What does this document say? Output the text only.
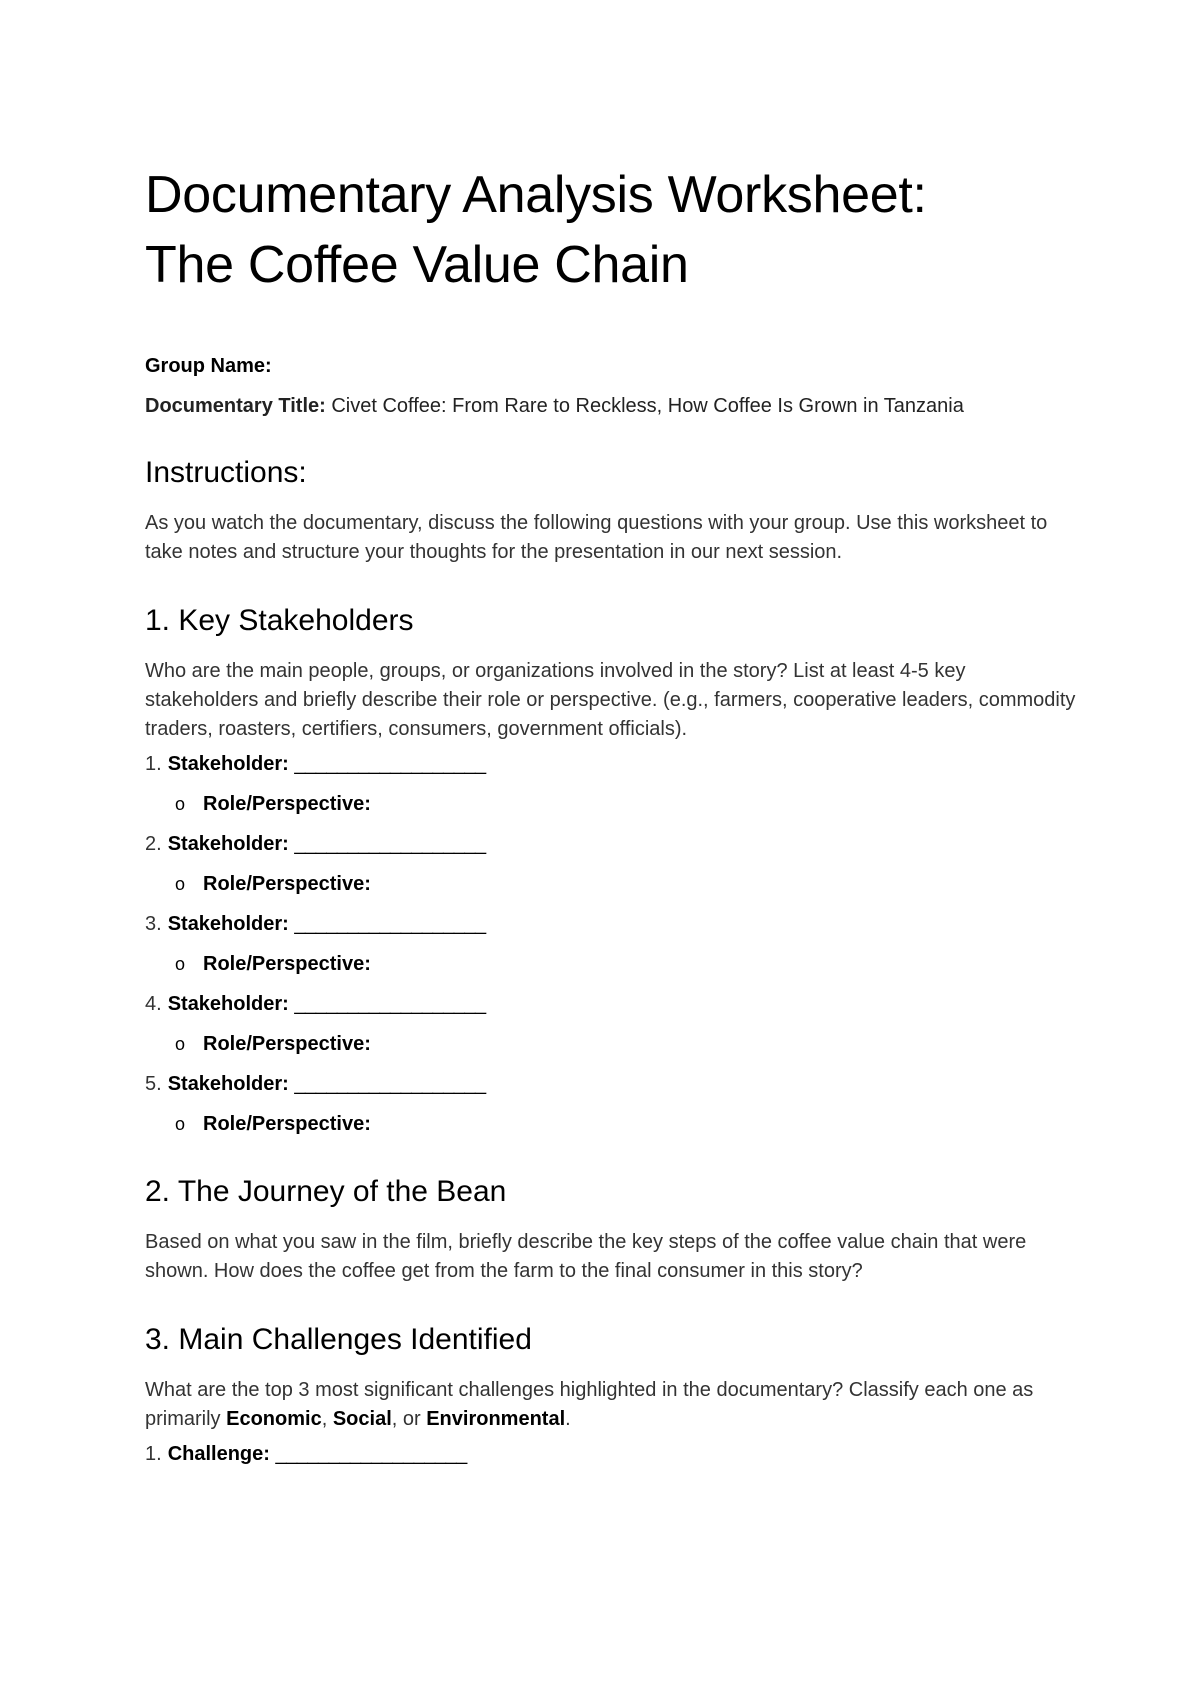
Documentary Analysis Worksheet:
The Coffee Value Chain

Group Name:

Documentary Title: Civet Coffee: From Rare to Reckless, How Coffee Is Grown in Tanzania

Instructions:

As you watch the documentary, discuss the following questions with your group. Use this worksheet to take notes and structure your thoughts for the presentation in our next session.

1. Key Stakeholders

Who are the main people, groups, or organizations involved in the story? List at least 4-5 key stakeholders and briefly describe their role or perspective. (e.g., farmers, cooperative leaders, commodity traders, roasters, certifiers, consumers, government officials).

1. Stakeholder: __________________
o Role/Perspective:
2. Stakeholder: __________________
o Role/Perspective:
3. Stakeholder: __________________
o Role/Perspective:
4. Stakeholder: __________________
o Role/Perspective:
5. Stakeholder: __________________
o Role/Perspective:
2. The Journey of the Bean

Based on what you saw in the film, briefly describe the key steps of the coffee value chain that were shown. How does the coffee get from the farm to the final consumer in this story?

3. Main Challenges Identified

What are the top 3 most significant challenges highlighted in the documentary? Classify each one as primarily Economic, Social, or Environmental.

1. Challenge: __________________
